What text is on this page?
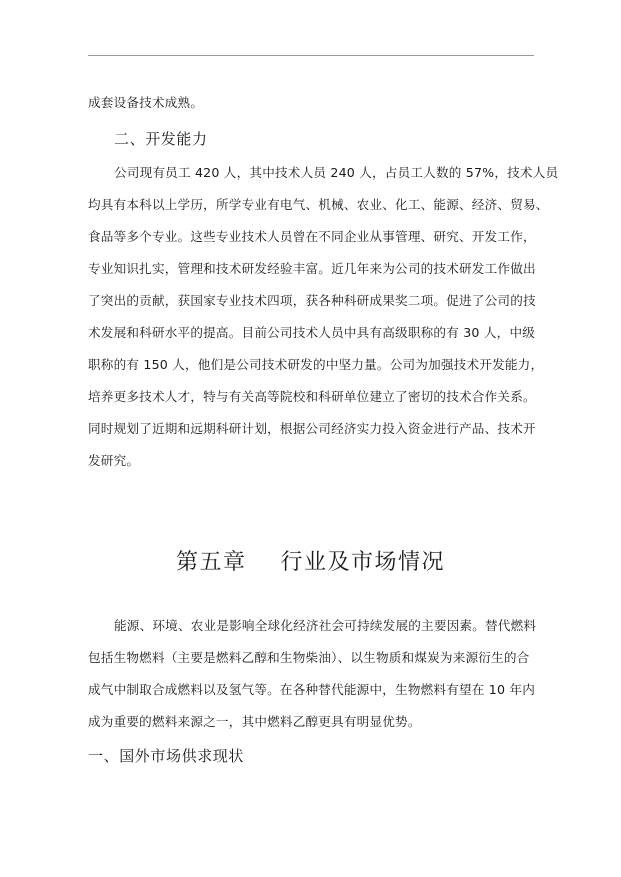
成套设备技术成熟。
二、开发能力
公司现有员工 420 人，其中技术人员 240 人，占员工人数的 57%，技术人员
均具有本科以上学历，所学专业有电气、机械、农业、化工、能源、经济、贸易、
食品等多个专业。这些专业技术人员曾在不同企业从事管理、研究、开发工作，
专业知识扎实，管理和技术研发经验丰富。近几年来为公司的技术研发工作做出
了突出的贡献，获国家专业技术四项，获各种科研成果奖二项。促进了公司的技
术发展和科研水平的提高。目前公司技术人员中具有高级职称的有 30 人，中级
职称的有 150 人，他们是公司技术研发的中坚力量。公司为加强技术开发能力，
培养更多技术人才，特与有关高等院校和科研单位建立了密切的技术合作关系。
同时规划了近期和远期科研计划，根据公司经济实力投入资金进行产品、技术开
发研究。
第五章    行业及市场情况
能源、环境、农业是影响全球化经济社会可持续发展的主要因素。替代燃料
包括生物燃料（主要是燃料乙醇和生物柴油）、以生物质和煤炭为来源衍生的合
成气中制取合成燃料以及氢气等。在各种替代能源中，生物燃料有望在 10 年内
成为重要的燃料来源之一，其中燃料乙醇更具有明显优势。
一、国外市场供求现状
